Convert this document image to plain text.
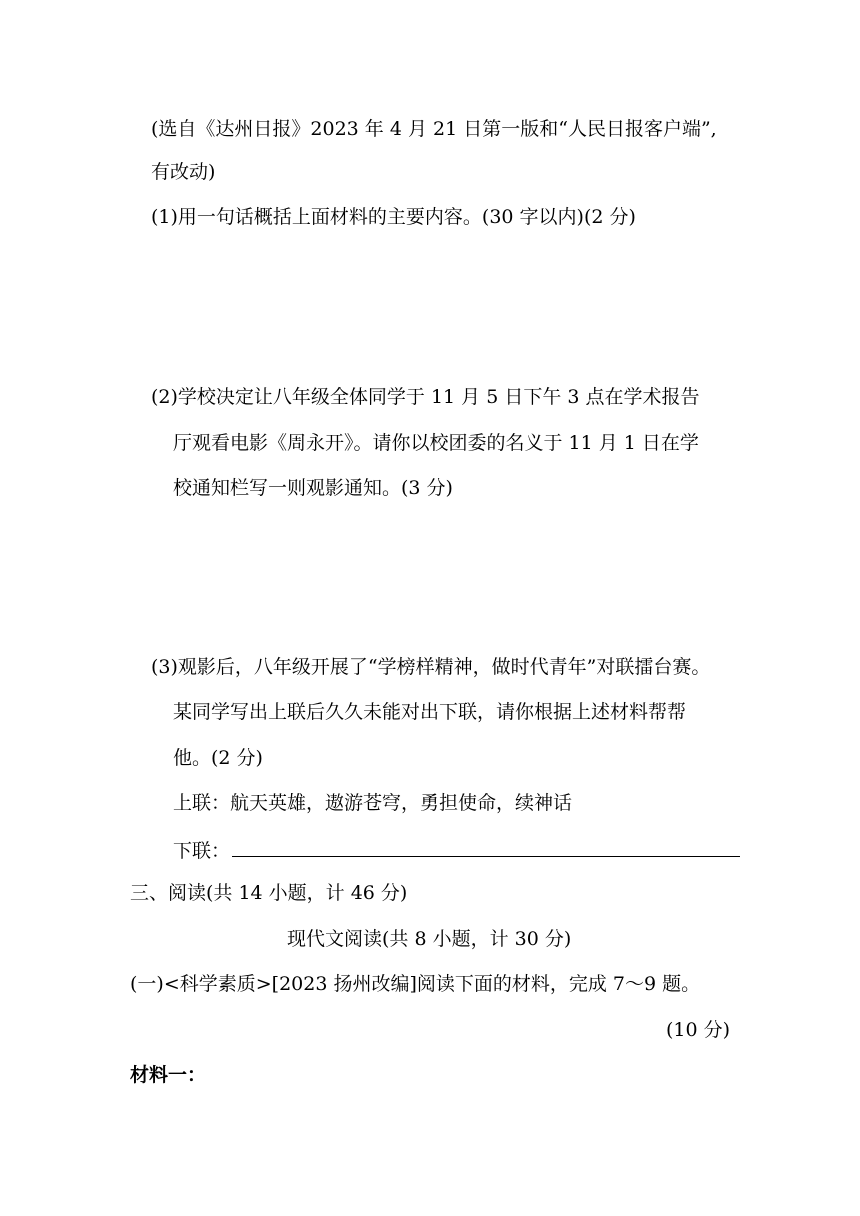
(选自《达州日报》2023 年 4 月 21 日第一版和“人民日报客户端”,
有改动)
(1)用一句话概括上面材料的主要内容。(30 字以内)(2 分)
(2)学校决定让八年级全体同学于 11 月 5 日下午 3 点在学术报告
厅观看电影《周永开》。请你以校团委的名义于 11 月 1 日在学
校通知栏写一则观影通知。(3 分)
(3)观影后，八年级开展了“学榜样精神，做时代青年”对联擂台赛。
某同学写出上联后久久未能对出下联，请你根据上述材料帮帮
他。(2 分)
上联：航天英雄，遨游苍穹，勇担使命，续神话
下联：
三、阅读(共 14 小题，计 46 分)
现代文阅读(共 8 小题，计 30 分)
(一)<科学素质>[2023 扬州改编]阅读下面的材料，完成 7～9 题。
(10 分)
材料一：
